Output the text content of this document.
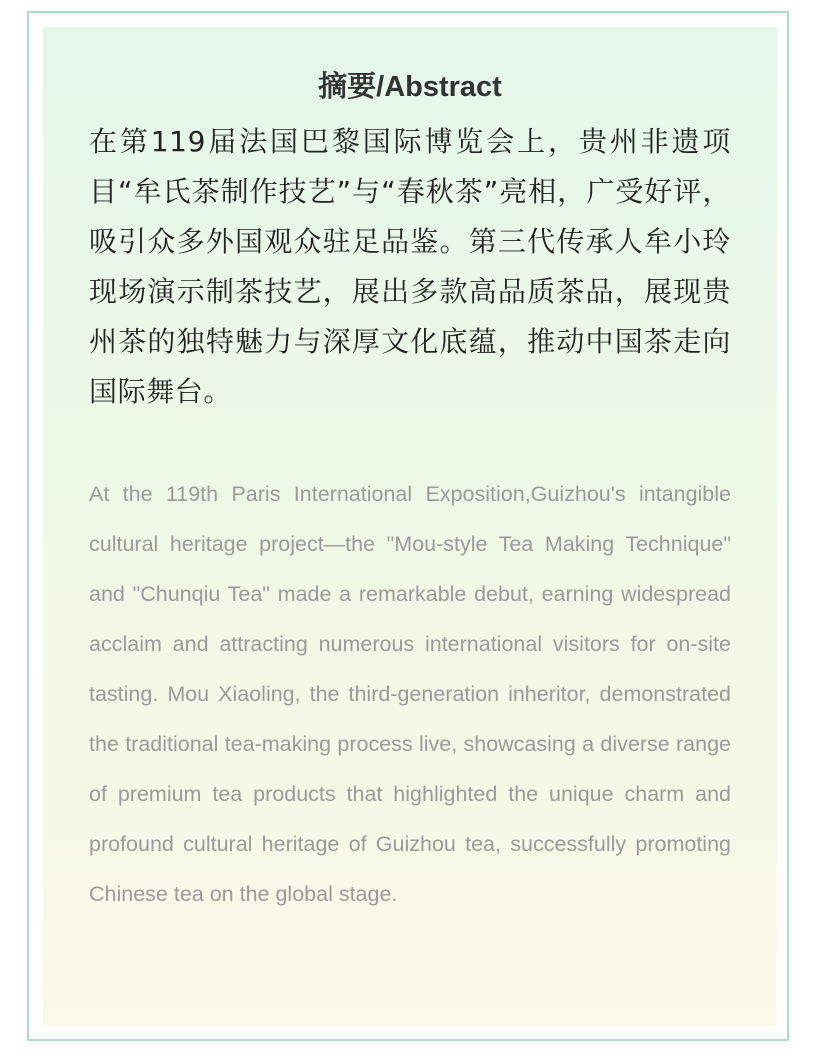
摘要/Abstract

在第119届法国巴黎国际博览会上，贵州非遗项目“牟氏茶制作技艺”与“春秋茶”亮相，广受好评，吸引众多外国观众驻足品鉴。第三代传承人牟小玲现场演示制茶技艺，展出多款高品质茶品，展现贵州茶的独特魅力与深厚文化底蕴，推动中国茶走向国际舞台。

At the 119th Paris International Exposition,Guizhou's intangible cultural heritage project—the "Mou-style Tea Making Technique" and "Chunqiu Tea" made a remarkable debut, earning widespread acclaim and attracting numerous international visitors for on-site tasting. Mou Xiaoling, the third-generation inheritor, demonstrated the traditional tea-making process live, showcasing a diverse range of premium tea products that highlighted the unique charm and profound cultural heritage of Guizhou tea, successfully promoting Chinese tea on the global stage.
